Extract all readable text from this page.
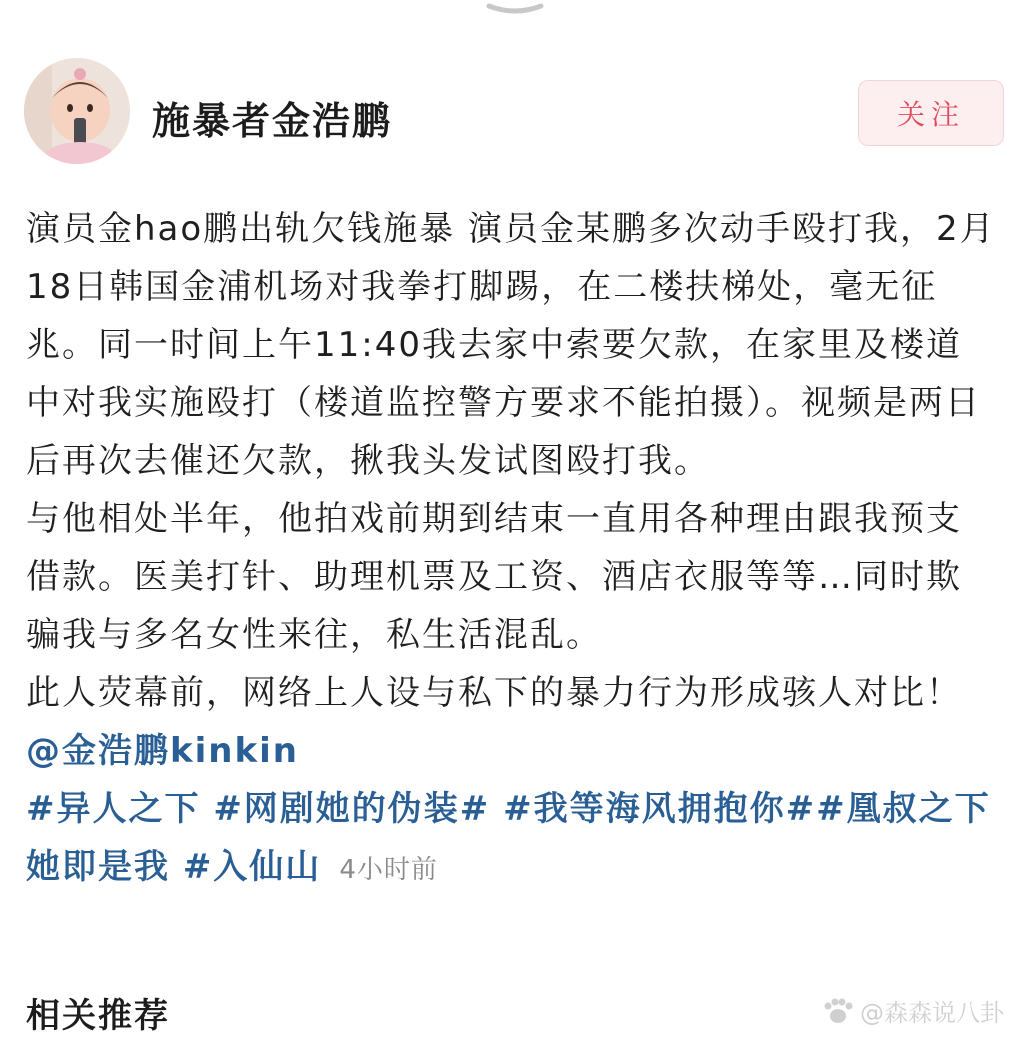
施暴者金浩鹏	关注

演员金hao鹏出轨欠钱施暴 演员金某鹏多次动手殴打我，2月18日韩国金浦机场对我拳打脚踢，在二楼扶梯处，毫无征兆。同一时间上午11:40我去家中索要欠款，在家里及楼道中对我实施殴打（楼道监控警方要求不能拍摄）。视频是两日后再次去催还欠款，揪我头发试图殴打我。

与他相处半年，他拍戏前期到结束一直用各种理由跟我预支借款。医美打针、助理机票及工资、酒店衣服等等…同时欺骗我与多名女性来往，私生活混乱。

此人荧幕前，网络上人设与私下的暴力行为形成骇人对比！ @金浩鹏kinkin

#异人之下 #网剧她的伪装# #我等海风拥抱你##凰叔之下她即是我 #入仙山 4小时前

相关推荐	@森森说八卦
